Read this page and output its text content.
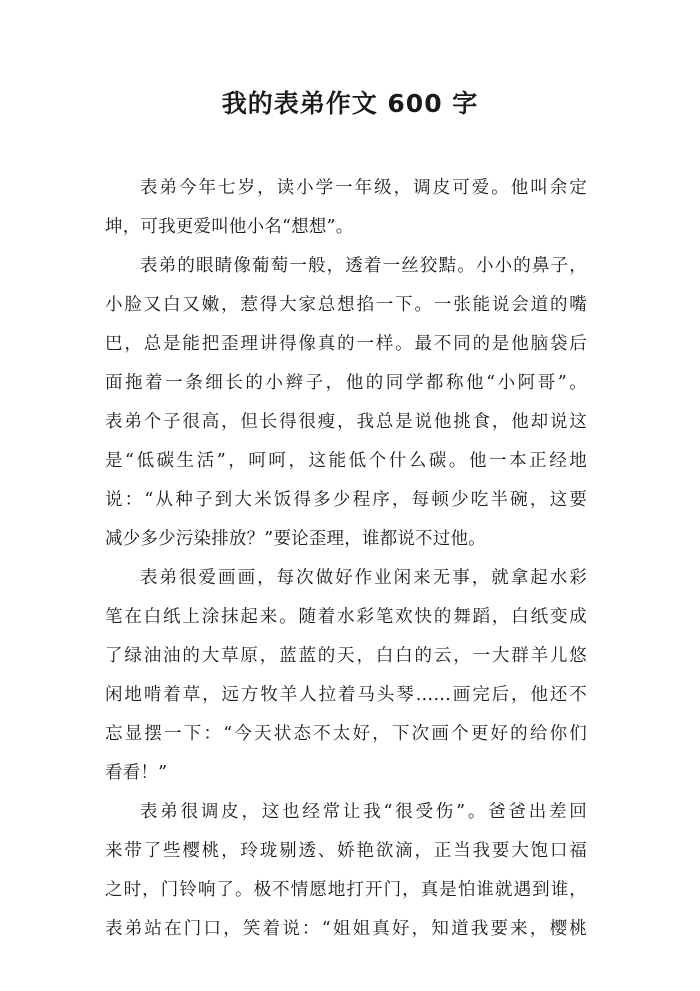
我的表弟作文 600 字
表弟今年七岁，读小学一年级，调皮可爱。他叫余定
坤，可我更爱叫他小名“想想”。
表弟的眼睛像葡萄一般，透着一丝狡黠。小小的鼻子，
小脸又白又嫩，惹得大家总想掐一下。一张能说会道的嘴
巴，总是能把歪理讲得像真的一样。最不同的是他脑袋后
面拖着一条细长的小辫子，他的同学都称他“小阿哥”。
表弟个子很高，但长得很瘦，我总是说他挑食，他却说这
是“低碳生活”，呵呵，这能低个什么碳。他一本正经地
说：“从种子到大米饭得多少程序，每顿少吃半碗，这要
减少多少污染排放？”要论歪理，谁都说不过他。
表弟很爱画画，每次做好作业闲来无事，就拿起水彩
笔在白纸上涂抹起来。随着水彩笔欢快的舞蹈，白纸变成
了绿油油的大草原，蓝蓝的天，白白的云，一大群羊儿悠
闲地啃着草，远方牧羊人拉着马头琴……画完后，他还不
忘显摆一下：“今天状态不太好，下次画个更好的给你们
看看！”
表弟很调皮，这也经常让我“很受伤”。爸爸出差回
来带了些樱桃，玲珑剔透、娇艳欲滴，正当我要大饱口福
之时，门铃响了。极不情愿地打开门，真是怕谁就遇到谁，
表弟站在门口，笑着说：“姐姐真好，知道我要来，樱桃
